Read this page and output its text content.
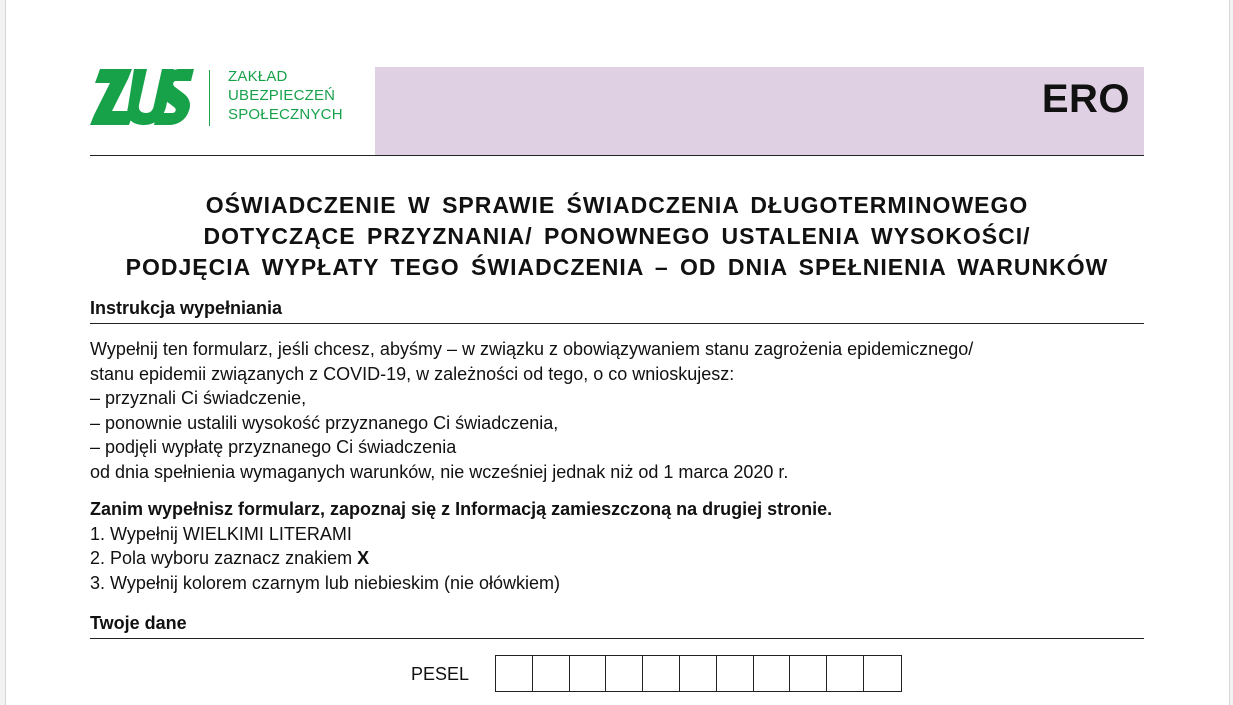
ZAKŁAD
UBEZPIECZEŃ
SPOŁECZNYCH	ERO
OŚWIADCZENIE W SPRAWIE ŚWIADCZENIA DŁUGOTERMINOWEGO
DOTYCZĄCE PRZYZNANIA/ PONOWNEGO USTALENIA WYSOKOŚCI/
PODJĘCIA WYPŁATY TEGO ŚWIADCZENIA – OD DNIA SPEŁNIENIA WARUNKÓW
Instrukcja wypełniania
Wypełnij ten formularz, jeśli chcesz, abyśmy – w związku z obowiązywaniem stanu zagrożenia epidemicznego/
stanu epidemii związanych z COVID-19, w zależności od tego, o co wnioskujesz:
– przyznali Ci świadczenie,
– ponownie ustalili wysokość przyznanego Ci świadczenia,
– podjęli wypłatę przyznanego Ci świadczenia
od dnia spełnienia wymaganych warunków, nie wcześniej jednak niż od 1 marca 2020 r.
Zanim wypełnisz formularz, zapoznaj się z Informacją zamieszczoną na drugiej stronie.
1. Wypełnij WIELKIMI LITERAMI
2. Pola wyboru zaznacz znakiem X
3. Wypełnij kolorem czarnym lub niebieskim (nie ołówkiem)
Twoje dane
PESEL
